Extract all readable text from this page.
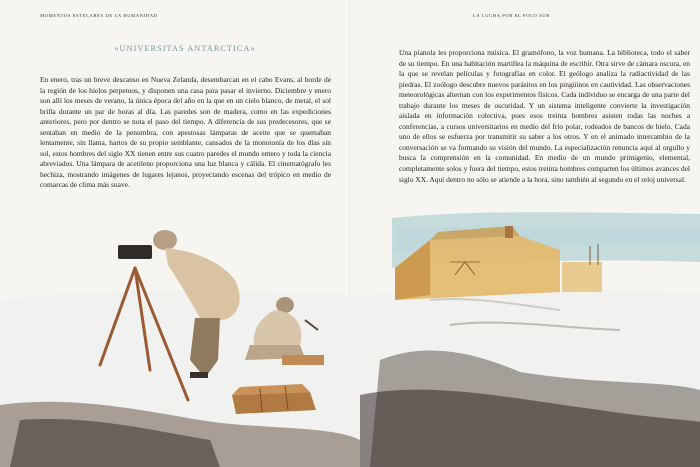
MOMENTOS ESTELARES DE LA HUMANIDAD	LA LUCHA POR EL POLO SUR
«UNIVERSITAS ANTARCTICA»

En enero, tras un breve descanso en Nueva Zelanda, desembarcan en el cabo Evans, al borde de la región de los hielos perpetuos, y disponen una casa para pasar el invierno. Diciembre y enero son allí los meses de verano, la única época del año en la que en un cielo blanco, de metal, el sol brilla durante un par de horas al día. Las paredes son de madera, como en las expediciones anteriores, pero por dentro se nota el paso del tiempo. A diferencia de sus predecesores, que se sentaban en medio de la penumbra, con apestosas lámparas de aceite que se quemaban lentamente, sin llama, hartos de su propio semblante, cansados de la monotonía de los días sin sol, estos hombres del siglo XX tienen entre sus cuatro paredes el mundo entero y toda la ciencia abreviados. Una lámpara de acetileno proporciona una luz blanca y cálida. El cinematógrafo les hechiza, mostrando imágenes de lugares lejanos, proyectando escenas del trópico en medio de comarcas de clima más suave.

Una pianola les proporciona música. El gramófono, la voz humana. La biblioteca, todo el saber de su tiempo. En una habitación martillea la máquina de escribir. Otra sirve de cámara oscura, en la que se revelan películas y fotografías en color. El geólogo analiza la radiactividad de las piedras. El zoólogo descubre nuevos parásitos en los pingüinos en cautividad. Las observaciones meteorológicas alternan con los experimentos físicos. Cada individuo se encarga de una parte del trabajo durante los meses de oscuridad. Y un sistema inteligente convierte la investigación aislada en información colectiva, pues esos treinta hombres asisten todas las noches a conferencias, a cursos universitarios en medio del frío polar, rodeados de bancos de hielo. Cada uno de ellos se esfuerza por transmitir su saber a los otros. Y en el animado intercambio de la conversación se va formando su visión del mundo. La especialización renuncia aquí al orgullo y busca la comprensión en la comunidad. En medio de un mundo primigenio, elemental, completamente solos y fuera del tiempo, estos treinta hombres comparten los últimos avances del siglo XX. Aquí dentro no sólo se atiende a la hora, sino también al segundo en el reloj universal.
